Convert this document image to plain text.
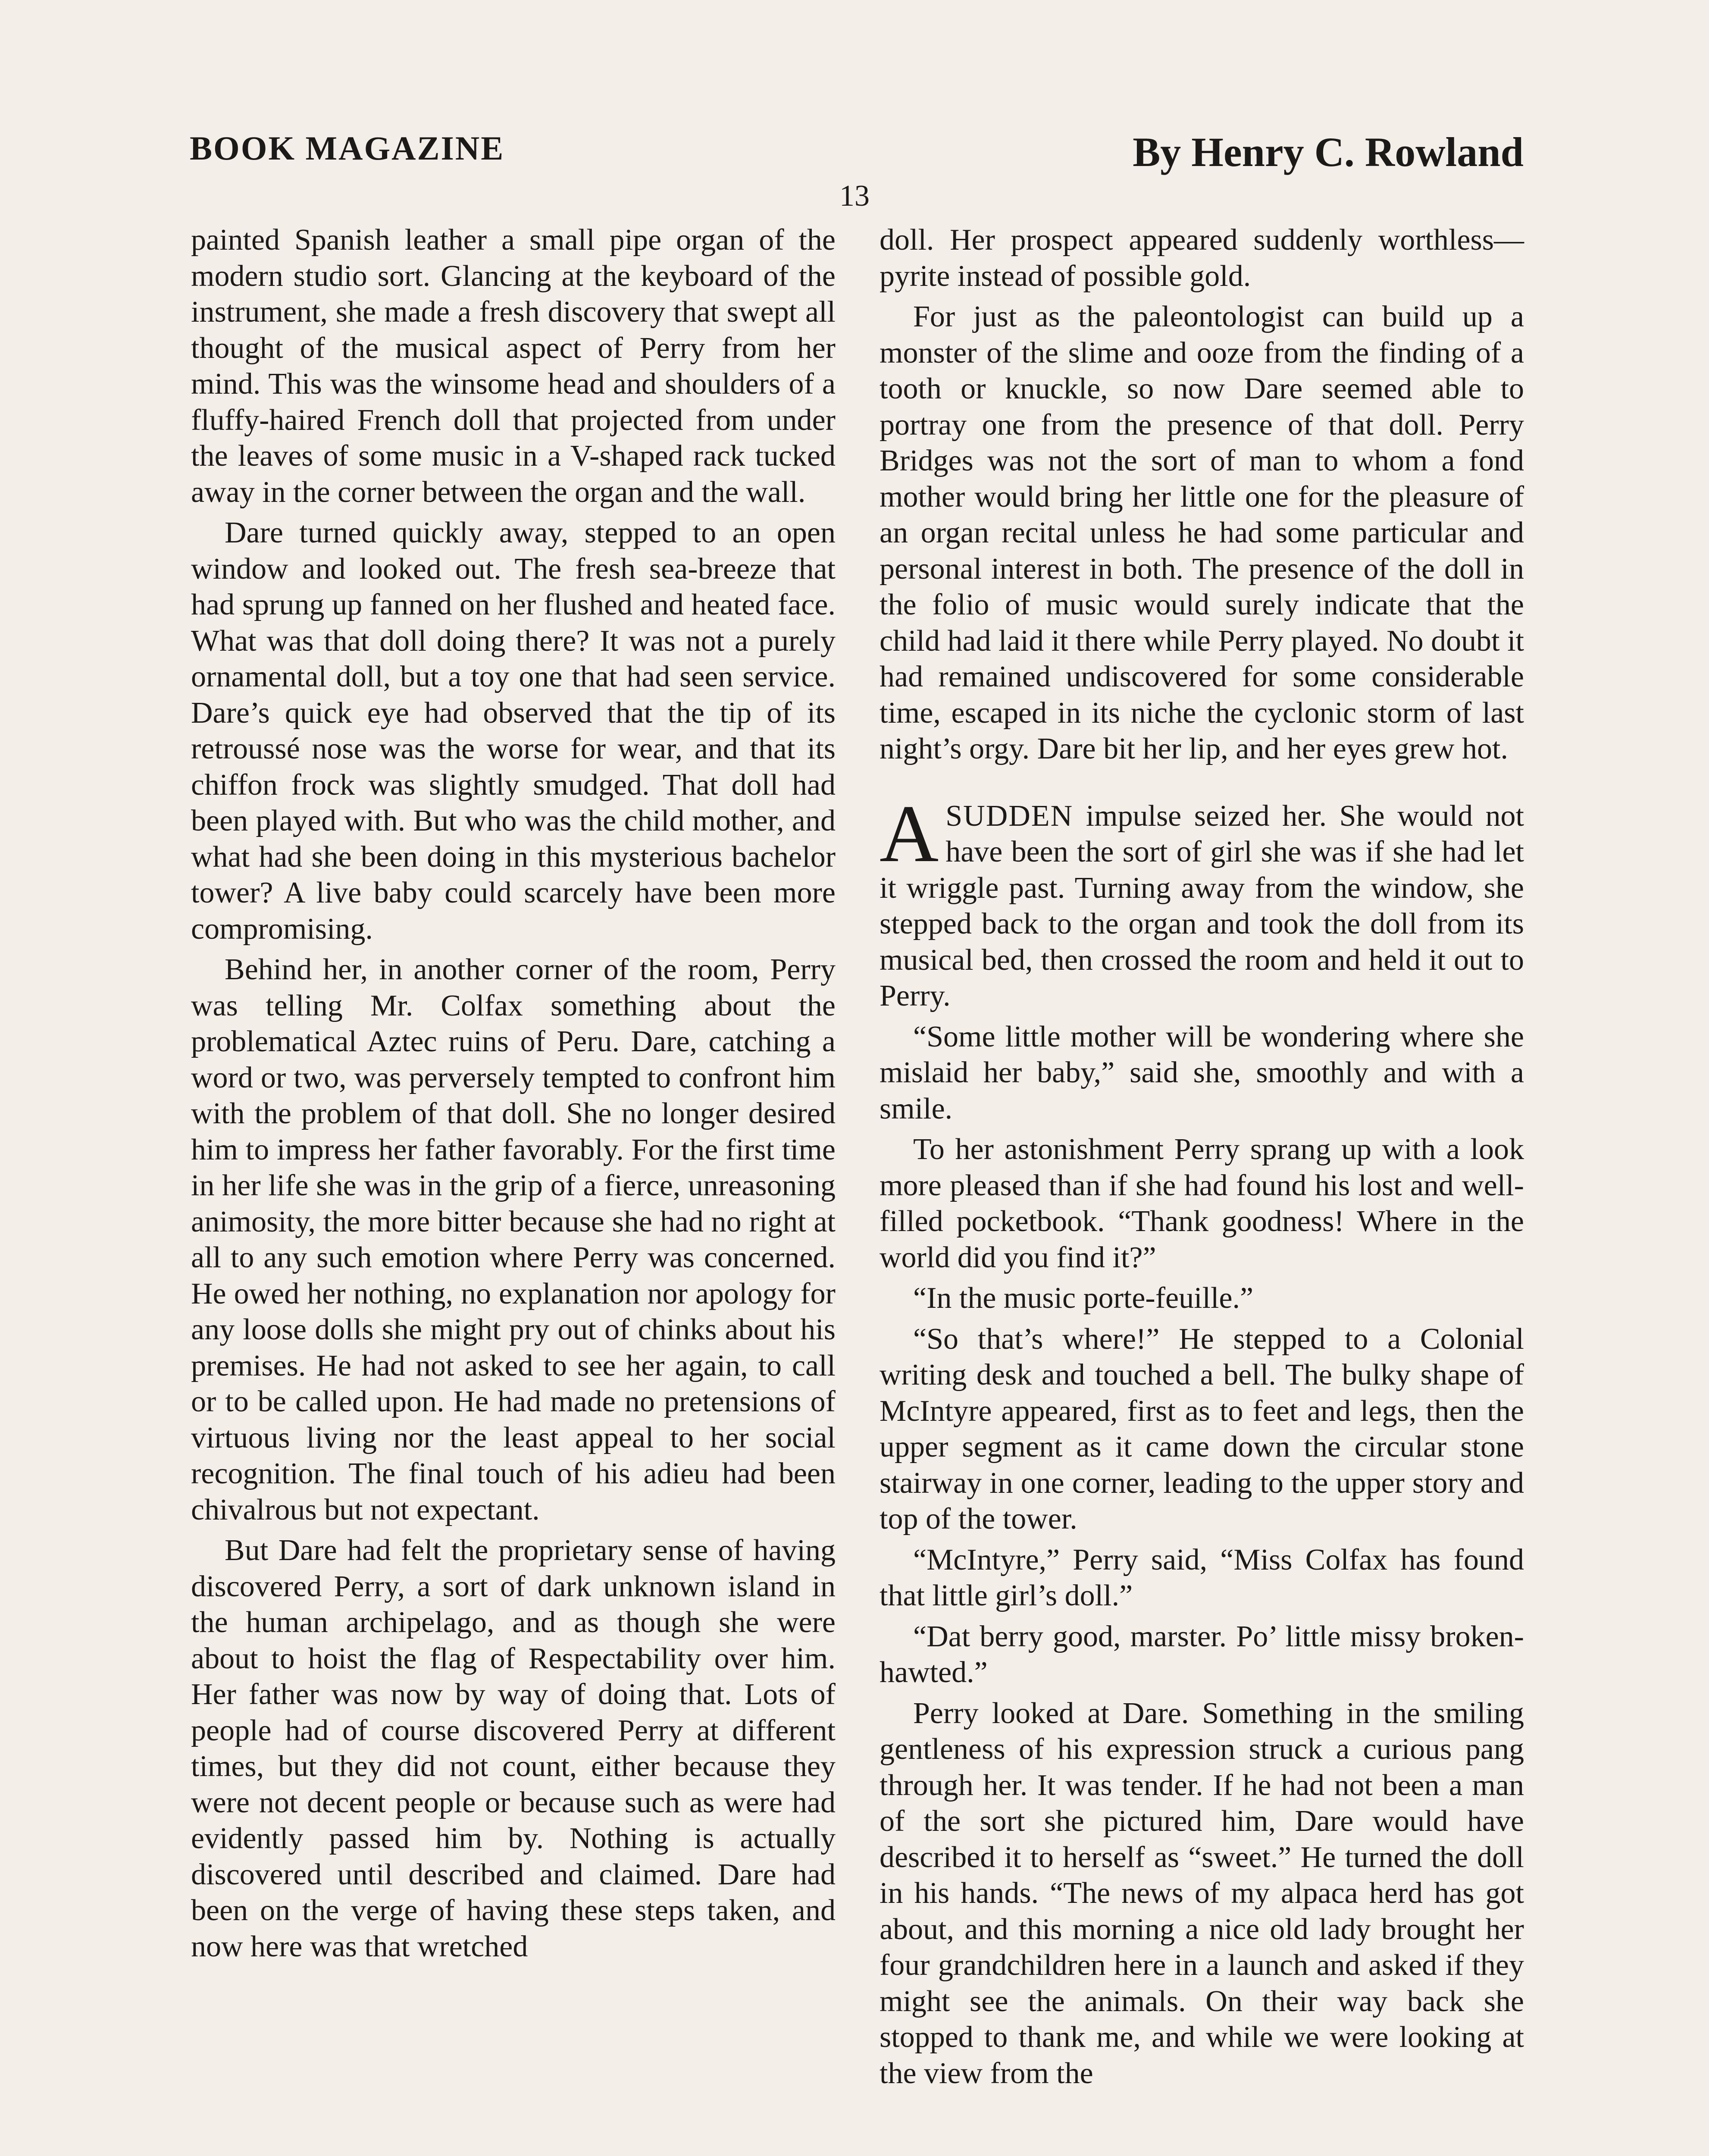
BOOK MAGAZINE	By Henry C. Rowland
13

painted Spanish leather a small pipe organ of the modern studio sort. Glancing at the keyboard of the instrument, she made a fresh discovery that swept all thought of the musical aspect of Perry from her mind. This was the winsome head and shoulders of a fluffy-haired French doll that projected from under the leaves of some music in a V-shaped rack tucked away in the corner between the organ and the wall.

Dare turned quickly away, stepped to an open window and looked out. The fresh sea-breeze that had sprung up fanned on her flushed and heated face. What was that doll doing there? It was not a purely ornamental doll, but a toy one that had seen service. Dare’s quick eye had observed that the tip of its retroussé nose was the worse for wear, and that its chiffon frock was slightly smudged. That doll had been played with. But who was the child mother, and what had she been doing in this mysterious bachelor tower? A live baby could scarcely have been more compromising.

Behind her, in another corner of the room, Perry was telling Mr. Colfax something about the problematical Aztec ruins of Peru. Dare, catching a word or two, was perversely tempted to confront him with the problem of that doll. She no longer desired him to impress her father favorably. For the first time in her life she was in the grip of a fierce, unreasoning animosity, the more bitter because she had no right at all to any such emotion where Perry was concerned. He owed her nothing, no explanation nor apology for any loose dolls she might pry out of chinks about his premises. He had not asked to see her again, to call or to be called upon. He had made no pretensions of virtuous living nor the least appeal to her social recognition. The final touch of his adieu had been chivalrous but not expectant.

But Dare had felt the proprietary sense of having discovered Perry, a sort of dark unknown island in the human archipelago, and as though she were about to hoist the flag of Respectability over him. Her father was now by way of doing that. Lots of people had of course discovered Perry at different times, but they did not count, either because they were not decent people or because such as were had evidently passed him by. Nothing is actually discovered until described and claimed. Dare had been on the verge of having these steps taken, and now here was that wretched

doll. Her prospect appeared suddenly worthless—pyrite instead of possible gold.

For just as the paleontologist can build up a monster of the slime and ooze from the finding of a tooth or knuckle, so now Dare seemed able to portray one from the presence of that doll. Perry Bridges was not the sort of man to whom a fond mother would bring her little one for the pleasure of an organ recital unless he had some particular and personal interest in both. The presence of the doll in the folio of music would surely indicate that the child had laid it there while Perry played. No doubt it had remained undiscovered for some considerable time, escaped in its niche the cyclonic storm of last night’s orgy. Dare bit her lip, and her eyes grew hot.

ASUDDEN impulse seized her. She would not have been the sort of girl she was if she had let it wriggle past. Turning away from the window, she stepped back to the organ and took the doll from its musical bed, then crossed the room and held it out to Perry.

“Some little mother will be wondering where she mislaid her baby,” said she, smoothly and with a smile.

To her astonishment Perry sprang up with a look more pleased than if she had found his lost and well-filled pocketbook. “Thank goodness! Where in the world did you find it?”

“In the music porte-feuille.”

“So that’s where!” He stepped to a Colonial writing desk and touched a bell. The bulky shape of McIntyre appeared, first as to feet and legs, then the upper segment as it came down the circular stone stairway in one corner, leading to the upper story and top of the tower.

“McIntyre,” Perry said, “Miss Colfax has found that little girl’s doll.”

“Dat berry good, marster. Po’ little missy broken-hawted.”

Perry looked at Dare. Something in the smiling gentleness of his expression struck a curious pang through her. It was tender. If he had not been a man of the sort she pictured him, Dare would have described it to herself as “sweet.” He turned the doll in his hands. “The news of my alpaca herd has got about, and this morning a nice old lady brought her four grandchildren here in a launch and asked if they might see the animals. On their way back she stopped to thank me, and while we were looking at the view from the
